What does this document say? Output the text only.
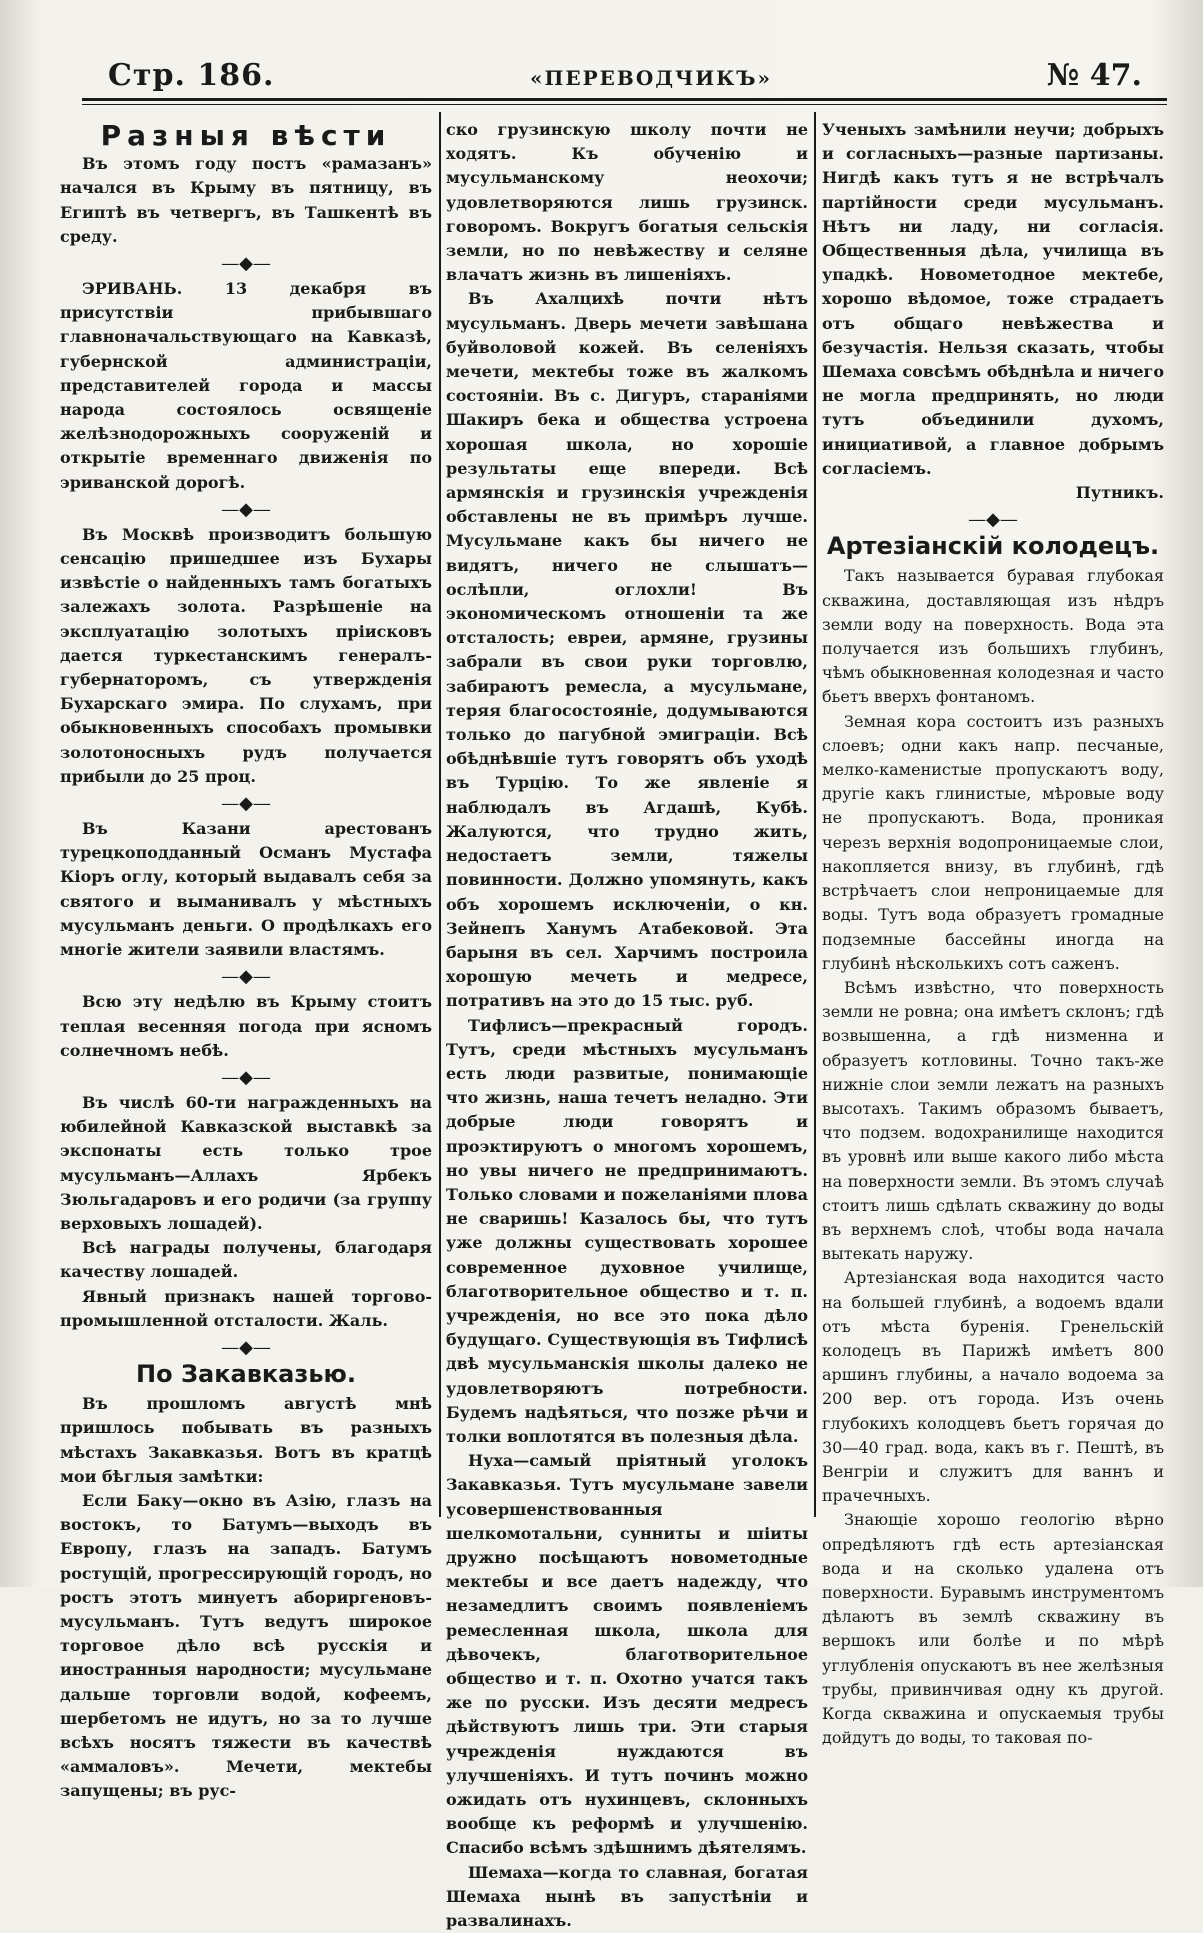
Стр. 186.	«ПЕРЕВОДЧИКЪ»	№ 47.
Разныя вѣсти

Въ этомъ году постъ «рамазанъ» начался въ Крыму въ пятницу, въ Египтѣ въ четвергъ, въ Ташкентѣ въ среду.

—◆—

ЭРИВАНЬ. 13 декабря въ присутствіи прибывшаго главноначальствующаго на Кавказѣ, губернской администраціи, представителей города и массы народа состоялось освященіе желѣзнодорожныхъ сооруженій и открытіе временнаго движенія по эриванской дорогѣ.

—◆—

Въ Москвѣ производитъ большую сенсацію пришедшее изъ Бухары извѣстіе о найденныхъ тамъ богатыхъ залежахъ золота. Разрѣшеніе на эксплуатацію золотыхъ пріисковъ дается туркестанскимъ генералъ-губернаторомъ, съ утвержденія Бухарскаго эмира. По слухамъ, при обыкновенныхъ способахъ промывки золотоносныхъ рудъ получается прибыли до 25 проц.

—◆—

Въ Казани арестованъ турецкоподданный Османъ Мустафа Кіоръ оглу, который выдавалъ себя за святого и выманивалъ у мѣстныхъ мусульманъ деньги. О продѣлкахъ его многіе жители заявили властямъ.

—◆—

Всю эту недѣлю въ Крыму стоитъ теплая весенняя погода при ясномъ солнечномъ небѣ.

—◆—

Въ числѣ 60-ти награжденныхъ на юбилейной Кавказской выставкѣ за экспонаты есть только трое мусульманъ—Аллахъ Ярбекъ Зюльгадаровъ и его родичи (за группу верховыхъ лошадей).

Всѣ награды получены, благодаря качеству лошадей.

Явный признакъ нашей торгово-промышленной отсталости. Жаль.

—◆—
По Закавказью.

Въ прошломъ августѣ мнѣ пришлось побывать въ разныхъ мѣстахъ Закавказья. Вотъ въ кратцѣ мои бѣглыя замѣтки:

Если Баку—окно въ Азію, глазъ на востокъ, то Батумъ—выходъ въ Европу, глазъ на западъ. Батумъ ростущій, прогрессирующій городъ, но ростъ этотъ минуетъ абориргеновъ-мусульманъ. Тутъ ведутъ широкое торговое дѣло всѣ русскія и иностранныя народности; мусульмане дальше торговли водой, кофеемъ, шербетомъ не идутъ, но за то лучше всѣхъ носятъ тяжести въ качествѣ «аммаловъ». Мечети, мектебы запущены; въ рус-

ско грузинскую школу почти не ходятъ. Къ обученію и мусульманскому неохочи; удовлетворяются лишь грузинск. говоромъ. Вокругъ богатыя сельскія земли, но по невѣжеству и селяне влачатъ жизнь въ лишеніяхъ.

Въ Ахалцихѣ почти нѣтъ мусульманъ. Дверь мечети завѣшана буйволовой кожей. Въ селеніяхъ мечети, мектебы тоже въ жалкомъ состояніи. Въ с. Дигуръ, стараніями Шакиръ бека и общества устроена хорошая школа, но хорошіе результаты еще впереди. Всѣ армянскія и грузинскія учрежденія обставлены не въ примѣръ лучше. Мусульмане какъ бы ничего не видятъ, ничего не слышатъ—ослѣпли, оглохли! Въ экономическомъ отношеніи та же отсталость; евреи, армяне, грузины забрали въ свои руки торговлю, забираютъ ремесла, а мусульмане, теряя благосостояніе, додумываются только до пагубной эмиграціи. Всѣ обѣднѣвшіе тутъ говорятъ объ уходѣ въ Турцію. То же явленіе я наблюдалъ въ Агдашѣ, Кубѣ. Жалуются, что трудно жить, недостаетъ земли, тяжелы повинности. Должно упомянуть, какъ объ хорошемъ исключеніи, о кн. Зейнепъ Ханумъ Атабековой. Эта барыня въ сел. Харчимъ построила хорошую мечеть и медресе, потративъ на это до 15 тыс. руб.

Тифлисъ—прекрасный городъ. Тутъ, среди мѣстныхъ мусульманъ есть люди развитые, понимающіе что жизнь, наша течетъ неладно. Эти добрые люди говорятъ и проэктируютъ о многомъ хорошемъ, но увы ничего не предпринимаютъ. Только словами и пожеланіями плова не сваришь! Казалось бы, что тутъ уже должны существовать хорошее современное духовное училище, благотворительное общество и т. п. учрежденія, но все это пока дѣло будущаго. Существующія въ Тифлисѣ двѣ мусульманскія школы далеко не удовлетворяютъ потребности. Будемъ надѣяться, что позже рѣчи и толки воплотятся въ полезныя дѣла.

Нуха—самый пріятный уголокъ Закавказья. Тутъ мусульмане завели усовершенствованныя шелкомотальни, сунниты и шіиты дружно посѣщаютъ новометодные мектебы и все даетъ надежду, что незамедлитъ своимъ появленіемъ ремесленная школа, школа для дѣвочекъ, благотворительное общество и т. п. Охотно учатся такъ же по русски. Изъ десяти медресъ дѣйствуютъ лишь три. Эти старыя учрежденія нуждаются въ улучшеніяхъ. И тутъ починъ можно ожидать отъ нухинцевъ, склонныхъ вообще къ реформѣ и улучшенію. Спасибо всѣмъ здѣшнимъ дѣятелямъ.

Шемаха—когда то славная, богатая Шемаха нынѣ въ запустѣніи и развалинахъ.

Ученыхъ замѣнили неучи; добрыхъ и согласныхъ—разные партизаны. Нигдѣ какъ тутъ я не встрѣчалъ партійности среди мусульманъ. Нѣтъ ни ладу, ни согласія. Общественныя дѣла, училища въ упадкѣ. Новометодное мектебе, хорошо вѣдомое, тоже страдаетъ отъ общаго невѣжества и безучастія. Нельзя сказать, чтобы Шемаха совсѣмъ обѣднѣла и ничего не могла предпринять, но люди тутъ объединили духомъ, инициативой, а главное добрымъ согласіемъ.

Путникъ.

—◆—
Артезіанскій колодецъ.

Такъ называется буравая глубокая скважина, доставляющая изъ нѣдръ земли воду на поверхность. Вода эта получается изъ большихъ глубинъ, чѣмъ обыкновенная колодезная и часто бьетъ вверхъ фонтаномъ.

Земная кора состоитъ изъ разныхъ слоевъ; одни какъ напр. песчаные, мелко-каменистые пропускаютъ воду, другіе какъ глинистые, мѣровые воду не пропускаютъ. Вода, проникая черезъ верхнія водопроницаемые слои, накопляется внизу, въ глубинѣ, гдѣ встрѣчаетъ слои непроницаемые для воды. Тутъ вода образуетъ громадные подземные бассейны иногда на глубинѣ нѣсколькихъ сотъ саженъ.

Всѣмъ извѣстно, что поверхность земли не ровна; она имѣетъ склонъ; гдѣ возвышенна, а гдѣ низменна и образуетъ котловины. Точно такъ-же нижніе слои земли лежатъ на разныхъ высотахъ. Такимъ образомъ бываетъ, что подзем. водохранилище находится въ уровнѣ или выше какого либо мѣста на поверхности земли. Въ этомъ случаѣ стоитъ лишь сдѣлать скважину до воды въ верхнемъ слоѣ, чтобы вода начала вытекать наружу.

Артезіанская вода находится часто на большей глубинѣ, а водоемъ вдали отъ мѣста буренія. Гренельскій колодецъ въ Парижѣ имѣетъ 800 аршинъ глубины, а начало водоема за 200 вер. отъ города. Изъ очень глубокихъ колодцевъ бьетъ горячая до 30—40 град. вода, какъ въ г. Пештѣ, въ Венгріи и служитъ для ваннъ и прачечныхъ.

Знающіе хорошо геологію вѣрно опредѣляютъ гдѣ есть артезіанская вода и на сколько удалена отъ поверхности. Буравымъ инструментомъ дѣлаютъ въ землѣ скважину въ вершокъ или болѣе и по мѣрѣ углубленія опускаютъ въ нее желѣзныя трубы, привинчивая одну къ другой. Когда скважина и опускаемыя трубы дойдутъ до воды, то таковая по-
